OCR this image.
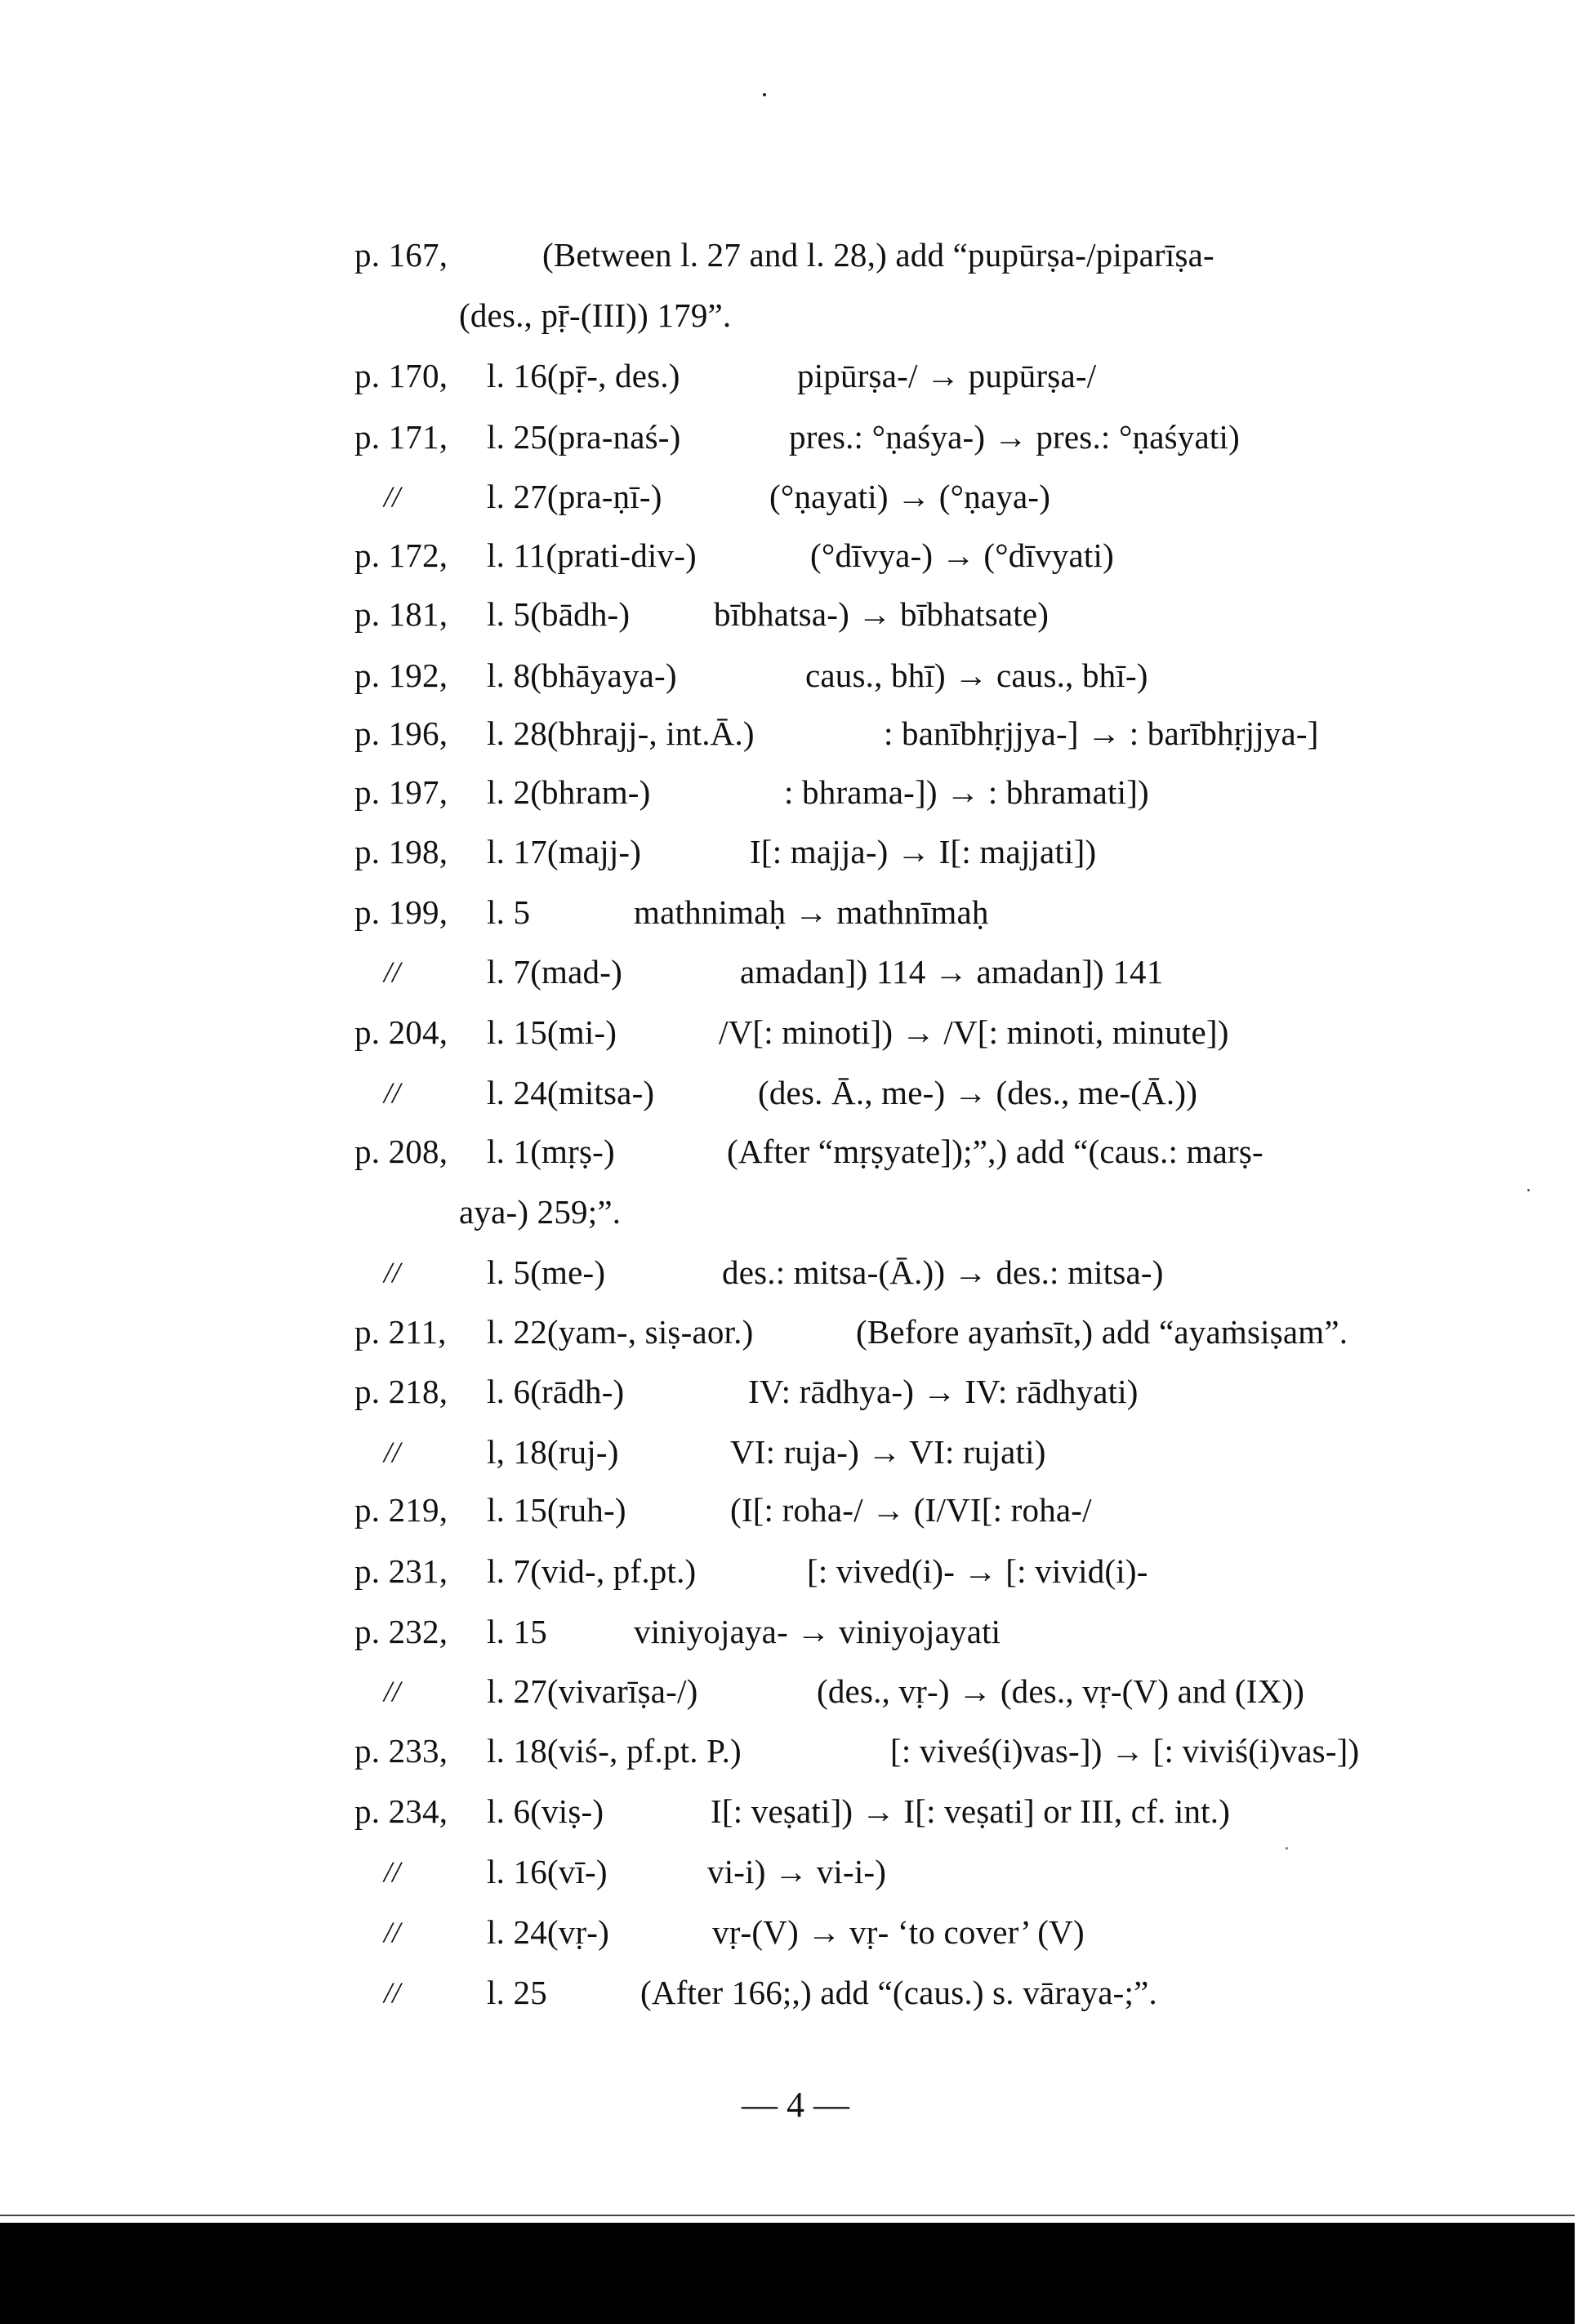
p. 167,	(Between l. 27 and l. 28,) add “pupūrṣa-/piparīṣa-
(des., pṝ-(III)) 179”.
p. 170, l. 16(pṝ-, des.)	pipūrṣa-/ → pupūrṣa-/
p. 171, l. 25(pra-naś-)	pres.: °ṇaśya-) → pres.: °ṇaśyati)
//	l. 27(pra-ṇī-)	(°ṇayati) → (°ṇaya-)
p. 172, l. 11(prati-div-)	(°dīvya-) → (°dīvyati)
p. 181, l. 5(bādh-)	bībhatsa-) → bībhatsate)
p. 192, l. 8(bhāyaya-)	caus., bhī) → caus., bhī-)
p. 196, l. 28(bhrajj-, int.Ā.)	: banībhṛjjya-] → : barībhṛjjya-]
p. 197, l. 2(bhram-)	: bhrama-]) → : bhramati])
p. 198, l. 17(majj-)	I[: majja-) → I[: majjati])
p. 199, l. 5	mathnimaḥ → mathnīmaḥ
//	l. 7(mad-)	amadan]) 114 → amadan]) 141
p. 204, l. 15(mi-)	/V[: minoti]) → /V[: minoti, minute])
//	l. 24(mitsa-)	(des. Ā., me-) → (des., me-(Ā.))
p. 208, l. 1(mṛṣ-)	(After “mṛṣyate]);”,) add “(caus.: marṣ-
aya-) 259;”.
//	l. 5(me-)	des.: mitsa-(Ā.)) → des.: mitsa-)
p. 211, l. 22(yam-, siṣ-aor.)	(Before ayaṁsīt,) add “ayaṁsiṣam”.
p. 218, l. 6(rādh-)	IV: rādhya-) → IV: rādhyati)
//	l, 18(ruj-)	VI: ruja-) → VI: rujati)
p. 219, l. 15(ruh-)	(I[: roha-/ → (I/VI[: roha-/
p. 231, l. 7(vid-, pf.pt.)	[: vived(i)- → [: vivid(i)-
p. 232, l. 15	viniyojaya- → viniyojayati
//	l. 27(vivarīṣa-/)	(des., vṛ-) → (des., vṛ-(V) and (IX))
p. 233, l. 18(viś-, pf.pt. P.)	[: viveś(i)vas-]) → [: viviś(i)vas-])
p. 234, l. 6(viṣ-)	I[: veṣati]) → I[: veṣati] or III, cf. int.)
//	l. 16(vī-)	vi-i) → vi-i-)
//	l. 24(vṛ-)	vṛ-(V) → vṛ- ‘to cover’ (V)
//	l. 25	(After 166;,) add “(caus.) s. vāraya-;”.
— 4 —
